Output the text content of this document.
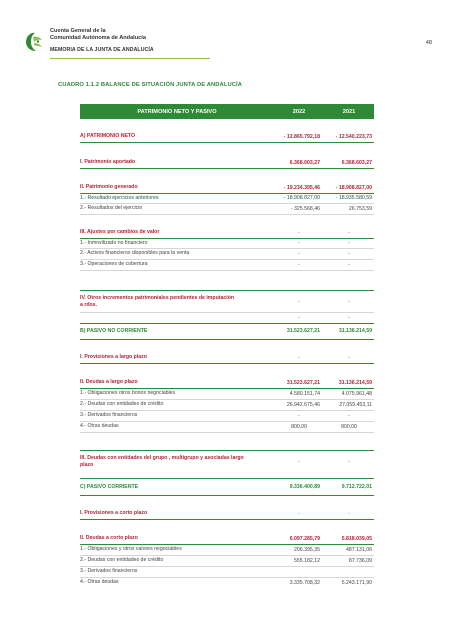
Cuenta General de la
Comunidad Autónoma de Andalucía
MEMORIA DE LA JUNTA DE ANDALUCÍA
48
CUADRO 1.1.2 BALANCE DE SITUACIÓN JUNTA DE ANDALUCÍA
PATRIMONIO NETO Y PASIVO	2022	2021
A) PATRIMONIO NETO	- 12.865.792,18	- 12.540.223,73
I. Patrimonio aportado	6.368.603,27	6.368.603,27
II. Patrimonio generado	- 19.234.395,46	- 18.908.827,00
1.- Resultado ejercicios anteriores	- 18.908.827,00	- 18.935.580,59
2.- Resultados del ejercicio	- 325.568,46	26.753,59
III. Ajustes por cambios de valor	-	-
1.- Inmovilizado no financiero	-	-
2.- Activos financieros disponibles para la venta	-	-
3.- Operaciones de cobertura	-	-
IV. Otros incrementos patrimoniales pendientes de imputación a rdos.	-	-
-	-
B) PASIVO NO CORRIENTE	31.523.627,21	31.136.214,59
I. Provisiones a largo plazo	-	-
II. Deudas a largo plazo	31.523.627,21	31.136.214,59
1.- Obligaciones otros bonos negociables	4.580.151,74	4.075.961,48
2.- Deudas con entidades de crédito	26.942.675,46	27.059.453,11
3.- Derivados financieros	-	-
4.- Otras deudas	800,00	800,00
III. Deudas con entidades del grupo , multigrupo y asociadas largo plazo	-	-
C) PASIVO CORRIENTE	9.336.400,89	9.712.722,01
I. Provisiones a corto plazo	-	-
II. Deudas a corto plazo	6.097.285,79	5.818.039,05
1.- Obligaciones y otros valores negociables	206.395,35	487.131,06
2.- Deudas con entidades de crédito	555.182,12	87.736,09
3.- Derivados financieros
4.- Otras deudas	3.335.708,32	5.243.171,90
